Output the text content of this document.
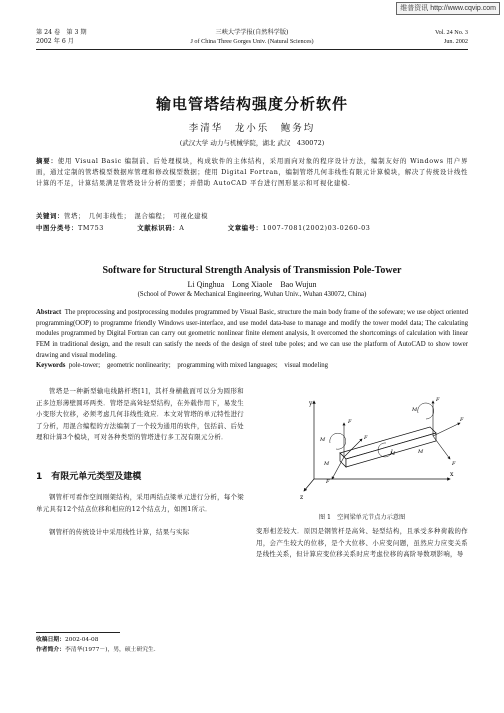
维普资讯 http://www.cqvip.com
第 24 卷　第 3 期
2002 年 6 月
三峡大学学报(自然科学版)
J of China Three Gorges Univ. (Natural Sciences)
Vol. 24 No. 3
Jun. 2002
输电管塔结构强度分析软件
李清华　龙小乐　鲍务均
(武汉大学 动力与机械学院，湖北 武汉　430072)
摘要：使用 Visual Basic 编制前、后处理模块，构成软件的主体结构，采用面向对象的程序设计方法，编制友好的 Windows 用户界面，通过定制的管塔模型数据库管理和修改模型数据；使用 Digital Fortran，编制管塔几何非线性有限元计算模块，解决了传统设计线性计算的不足，计算结果满足管塔设计分析的需要；并借助 AutoCAD 平台进行图形显示和可视化建模.
关键词：管塔；　几何非线性；　混合编程；　可视化建模
中图分类号：TM753	文献标识码：A	文章编号：1007-7081(2002)03-0260-03
Software for Structural Strength Analysis of Transmission Pole-Tower
Li Qinghua　Long Xiaole　Bao Wujun
(School of Power & Mechanical Engineering, Wuhan Univ., Wuhan 430072, China)
Abstract The preprocessing and postprocessing modules programmed by Visual Basic, structure the main body frame of the sofeware; we use object oriented programming(OOP) to programme friendly Windows user-interface, and use model data-base to manage and modify the tower model data; The calculating modules programmed by Digital Fortran can carry out geometric nonlinear finite element analysis, It overcomed the shortcomings of calculation with linear FEM in traditional design, and the result can satisfy the needs of the design of steel tube poles; and we can use the platform of AutoCAD to show tower drawing and visual modeling.
Keywords pole-tower;　geometric nonlinearity;　programming with mixed languages;　visual modeling
管塔是一种新型输电线路杆塔[1]，其杆身横截面可以分为圆形和正多边形薄壁圆环两类．管塔是高耸轻型结构，在外载作用下，易发生小变形大位移，必须考虑几何非线性效应．本文对管塔的单元特性进行了分析，用混合编程的方法编制了一个较为通用的软件，包括前、后处理和计算3个模块，可对各种类型的管塔进行多工况有限元分析．
1　有限元单元类型及建模
钢管杆可看作空间刚架结构，采用两结点梁单元进行分析，每个梁单元具有12个结点位移和相应的12个结点力，如图1所示．
钢管杆的传统设计中采用线性计算，结果与实际
y
x
z
F
F
M
M
M
F
M
F
F
M
F
图 1　空间梁单元节点力示意图
变形相差较大．原因是钢管杆是高耸、轻型结构，且承受多种荷载的作用，会产生较大的位移，是个大位移、小应变问题，虽然应力应变关系是线性关系，但计算应变位移关系时应考虑位移的高阶导数项影响，导
收稿日期：2002-04-08
作者简介：李清华(1977－)，男，硕士研究生．
